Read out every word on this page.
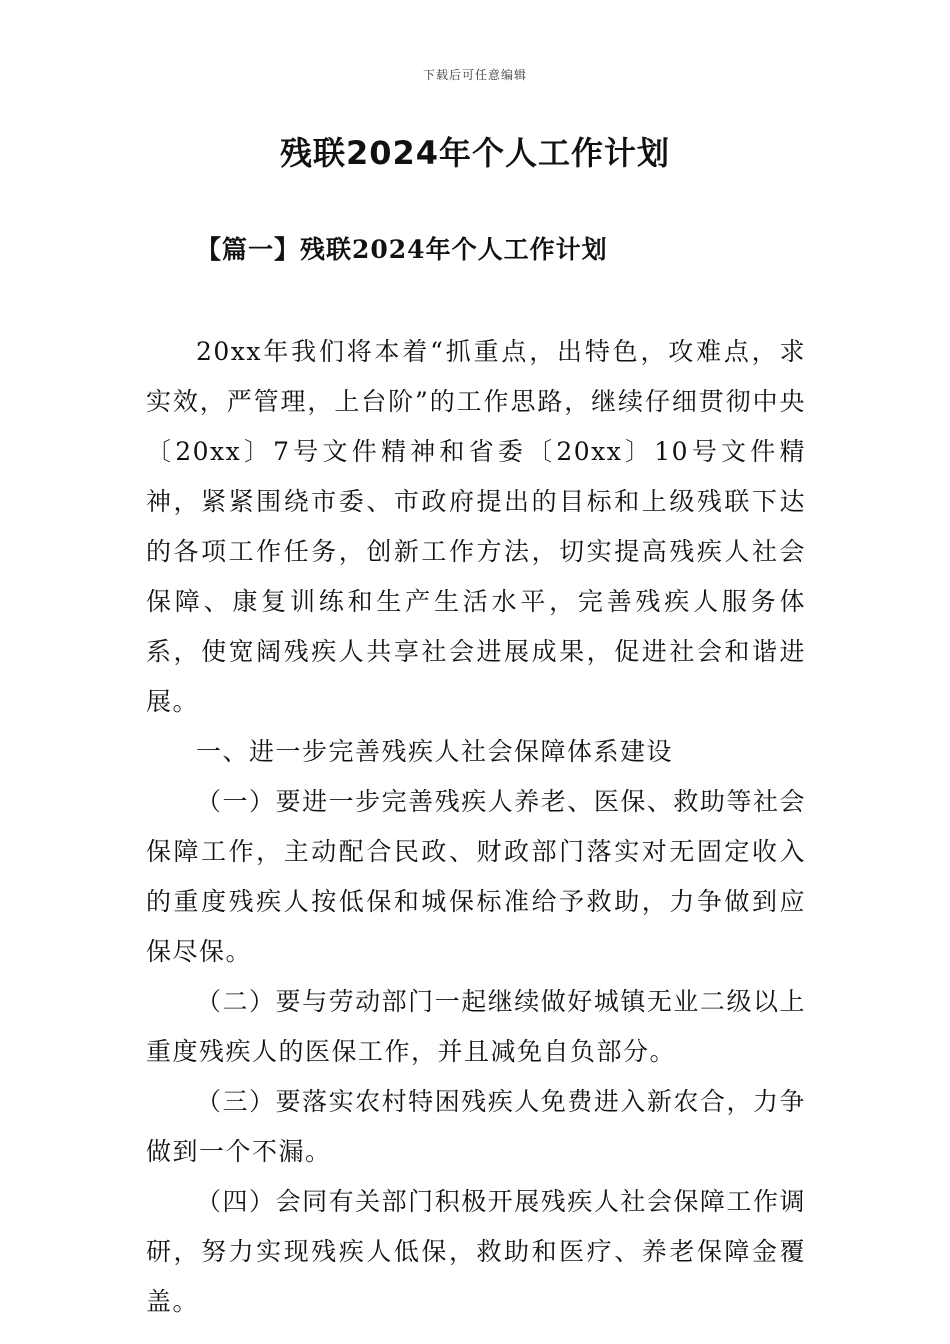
下载后可任意编辑
残联2024年个人工作计划
【篇一】残联2024年个人工作计划

20xx年我们将本着“抓重点，出特色，攻难点，求实效，严管理，上台阶”的工作思路，继续仔细贯彻中央〔20xx〕7号文件精神和省委〔20xx〕10号文件精神，紧紧围绕市委、市政府提出的目标和上级残联下达的各项工作任务，创新工作方法，切实提高残疾人社会保障、康复训练和生产生活水平，完善残疾人服务体系，使宽阔残疾人共享社会进展成果，促进社会和谐进展。

一、进一步完善残疾人社会保障体系建设

（一）要进一步完善残疾人养老、医保、救助等社会保障工作，主动配合民政、财政部门落实对无固定收入的重度残疾人按低保和城保标准给予救助，力争做到应保尽保。

（二）要与劳动部门一起继续做好城镇无业二级以上重度残疾人的医保工作，并且减免自负部分。

（三）要落实农村特困残疾人免费进入新农合，力争做到一个不漏。

（四）会同有关部门积极开展残疾人社会保障工作调研，努力实现残疾人低保，救助和医疗、养老保障金覆盖。
